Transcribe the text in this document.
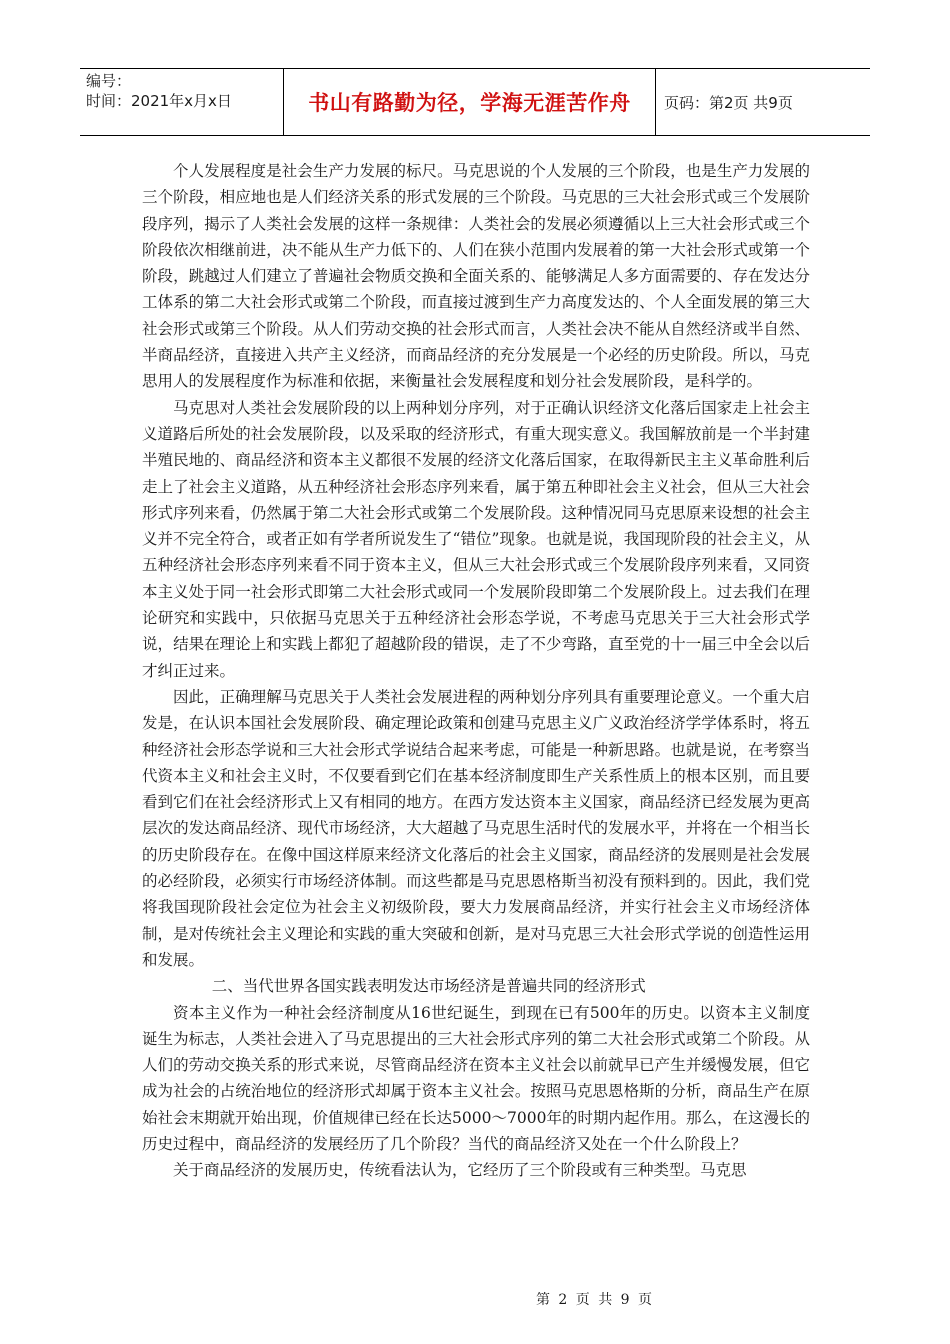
编号：
时间：2021年x月x日	书山有路勤为径，学海无涯苦作舟	页码：第2页 共9页

个人发展程度是社会生产力发展的标尺。马克思说的个人发展的三个阶段，也是生产力发展的三个阶段，相应地也是人们经济关系的形式发展的三个阶段。马克思的三大社会形式或三个发展阶段序列，揭示了人类社会发展的这样一条规律：人类社会的发展必须遵循以上三大社会形式或三个阶段依次相继前进，决不能从生产力低下的、人们在狭小范围内发展着的第一大社会形式或第一个阶段，跳越过人们建立了普遍社会物质交换和全面关系的、能够满足人多方面需要的、存在发达分工体系的第二大社会形式或第二个阶段，而直接过渡到生产力高度发达的、个人全面发展的第三大社会形式或第三个阶段。从人们劳动交换的社会形式而言，人类社会决不能从自然经济或半自然、半商品经济，直接进入共产主义经济，而商品经济的充分发展是一个必经的历史阶段。所以，马克思用人的发展程度作为标准和依据，来衡量社会发展程度和划分社会发展阶段，是科学的。

马克思对人类社会发展阶段的以上两种划分序列，对于正确认识经济文化落后国家走上社会主义道路后所处的社会发展阶段，以及采取的经济形式，有重大现实意义。我国解放前是一个半封建半殖民地的、商品经济和资本主义都很不发展的经济文化落后国家，在取得新民主主义革命胜利后走上了社会主义道路，从五种经济社会形态序列来看，属于第五种即社会主义社会，但从三大社会形式序列来看，仍然属于第二大社会形式或第二个发展阶段。这种情况同马克思原来设想的社会主义并不完全符合，或者正如有学者所说发生了“错位”现象。也就是说，我国现阶段的社会主义，从五种经济社会形态序列来看不同于资本主义，但从三大社会形式或三个发展阶段序列来看，又同资本主义处于同一社会形式即第二大社会形式或同一个发展阶段即第二个发展阶段上。过去我们在理论研究和实践中，只依据马克思关于五种经济社会形态学说，不考虑马克思关于三大社会形式学说，结果在理论上和实践上都犯了超越阶段的错误，走了不少弯路，直至党的十一届三中全会以后才纠正过来。

因此，正确理解马克思关于人类社会发展进程的两种划分序列具有重要理论意义。一个重大启发是，在认识本国社会发展阶段、确定理论政策和创建马克思主义广义政治经济学学体系时，将五种经济社会形态学说和三大社会形式学说结合起来考虑，可能是一种新思路。也就是说，在考察当代资本主义和社会主义时，不仅要看到它们在基本经济制度即生产关系性质上的根本区别，而且要看到它们在社会经济形式上又有相同的地方。在西方发达资本主义国家，商品经济已经发展为更高层次的发达商品经济、现代市场经济，大大超越了马克思生活时代的发展水平，并将在一个相当长的历史阶段存在。在像中国这样原来经济文化落后的社会主义国家，商品经济的发展则是社会发展的必经阶段，必须实行市场经济体制。而这些都是马克思恩格斯当初没有预料到的。因此，我们党将我国现阶段社会定位为社会主义初级阶段，要大力发展商品经济，并实行社会主义市场经济体制，是对传统社会主义理论和实践的重大突破和创新，是对马克思三大社会形式学说的创造性运用和发展。

二、当代世界各国实践表明发达市场经济是普遍共同的经济形式

资本主义作为一种社会经济制度从16世纪诞生，到现在已有500年的历史。以资本主义制度诞生为标志，人类社会进入了马克思提出的三大社会形式序列的第二大社会形式或第二个阶段。从人们的劳动交换关系的形式来说，尽管商品经济在资本主义社会以前就早已产生并缓慢发展，但它成为社会的占统治地位的经济形式却属于资本主义社会。按照马克思恩格斯的分析，商品生产在原始社会末期就开始出现，价值规律已经在长达5000～7000年的时期内起作用。那么，在这漫长的历史过程中，商品经济的发展经历了几个阶段？当代的商品经济又处在一个什么阶段上？

关于商品经济的发展历史，传统看法认为，它经历了三个阶段或有三种类型。马克思

第 2 页 共 9 页
